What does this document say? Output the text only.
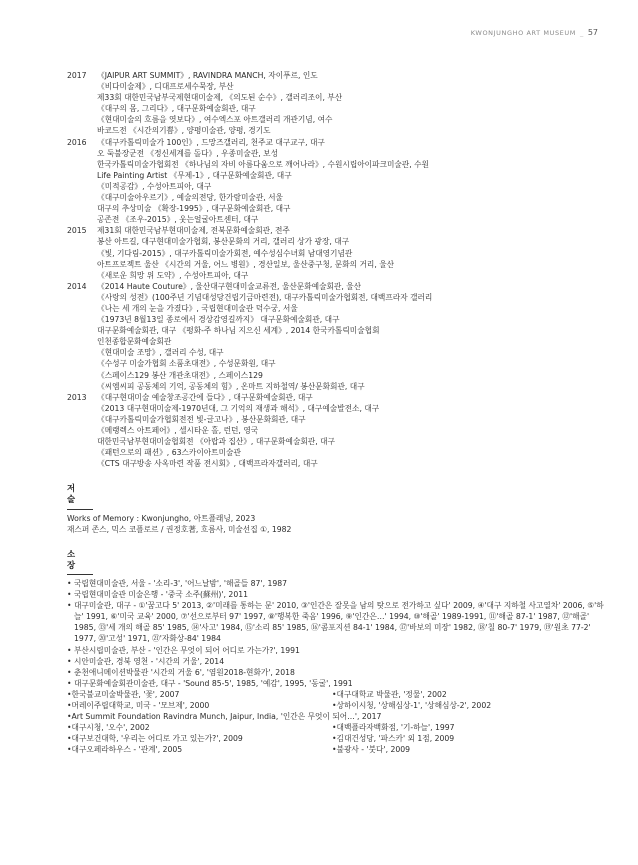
KWONJUNGHO ART MUSEUM _ 57
2017	《JAIPUR ART SUMMIT》, RAVINDRA MANCH, 자이푸르, 인도
《비다미술제》, 디대프로세수묵장, 부산
제33회 대한민국남부국제현대미술제, 《의도된 순수》, 갤러리조이, 부산
《대구의 몸, 그리다》, 대구문화예술회관, 대구
《현대미술의 흐름을 엿보다》, 여수엑스포 아트갤러리 개관기념, 여수
바코드전 《시간의기쁨》, 양평미술관, 양평, 경기도
2016	《대구카톨릭미술가 100인》, 드망즈갤러리, 천주교 대구교구, 대구
오 둑불장군전 《정신세계를 돌다》, 우종미술관, 보성
한국카톨릭미술가협회전 《하나님의 자비 아름다움으로 깨어나라》, 수원시립아이파크미술관, 수원
Life Painting Artist 《무제-1》, 대구문화예술회관, 대구
《미적공감》, 수성아트피아, 대구
《대구미술아우르기》, 예술의전당, 한가람미술관, 서울
대구의 추상미술 《확장-1995》, 대구문화예술회관, 대구
공존전 《조우-2015》, 웃는얼굴아트센터, 대구
2015	제31회 대한민국남부현대미술제, 전북문화예술회관, 전주
봉산 아트길, 대구현대미술가협회, 봉산문화의 거리, 갤러리 상가 광장, 대구
《빛, 기다림-2015》, 대구카톨릭미술가회전, 예수성심수녀회 남대영기념관
아트프로젝트 울산 《시간의 거울, 어느 병원》, 경산일보, 울산중구청, 문화의 거리, 울산
《새로운 희망 위 도약》, 수성아트피아, 대구
2014	《2014 Haute Couture》, 울산대구현대미술교류전, 울산문화예술회관, 울산
《사랑의 성전》(100주년 기념대성당건립기금마련전), 대구카톨릭미술가협회전, 대백프라자 갤러리
《나는 세 개의 눈을 가졌다》, 국립현대미술관 덕수궁, 서울
《1973년 8월13일 종로에서 경상감영길까지》 대구문화예술회관, 대구
대구문화예술회관, 대구 《평화-주 하나님 지으신 세계》, 2014 한국카톨릭미술협회
인천종합문화예술회관
《현대미술 조망》, 갤러리 수성, 대구
《수성구 미술가협회 소품초대전》, 수성문화원, 대구
《스페이스129 봉산 개관초대전》, 스페이스129
《씨엠씨피 공동체의 기억, 공동체의 힘》, 온마트 지하철역/ 봉산문화회관, 대구
2013	《대구현대미술 예술창조공간에 들다》, 대구문화예술회관, 대구
《2013 대구현대미술제-1970년대, 그 기억의 재생과 해석》, 대구예술발전소, 대구
《대구카톨릭미술가협회전전 빛-글고나》, 봉산문화회관, 대구
《메랭렉스 아트페어》, 셀시타운 홀, 런던, 영국
대한민국남부현대미술협회전 《아랍과 집산》, 대구문화예술회관, 대구
《패턴으로의 패션》, 63스카이아트미술관
《CTS 대구방송 사옥마련 작품 전시회》, 대백프라자갤러리, 대구
저 술
Works of Memory : Kwonjungho, 아트플래닝, 2023
재스퍼 존스, 믹스 코플로르 / 권정호著, 흐름사, 미술선집 ①, 1982
소 장
• 국립현대미술관, 서울 - '소리-3', '어느날밤', '해골들 87', 1987
• 국립현대미술관 미술은행 - '중국 소주(蘇州)', 2011
• 대구미술관, 대구 - ①'꿈고다 5' 2013, ②'미래를 통하는 문' 2010, ③'인간은 잘못을 남의 탓으로 전가하고 싶다' 2009, ④'대구 지하철 사고열차' 2006, ⑤'하늘' 1991, ⑥'미국 교육' 2000, ⑦'선으로부터 97' 1997, ⑧'행복한 죽음' 1996, ⑨'인간은…' 1994, ⑩'해골' 1989-1991, ⑪'해골 87-1' 1987, ⑫'해골' 1985, ⑬'세 개의 해골 85' 1985, ⑭'사고' 1984, ⑮'소리 85' 1985, ⑯'콤포지션 84-1' 1984, ⑰'바보의 미장' 1982, ⑱'칠 80-7' 1979, ⑲'원초 77-2' 1977, ⑳'고성' 1971, ㉑'자화상-84' 1984
• 부산시립미술관, 부산 - '인간은 무엇이 되어 어디로 가는가?', 1991
• 시안미술관, 경북 영천 - '시간의 거울', 2014
• 춘천애니메이션박물관 '시간의 거울 6', '염원2018-현화가', 2018
• 대구문화예술회관미술관, 대구 - 'Sound 85-5', 1985, '예감', 1995, '동굴', 1991
• 한국불교미술박물관, '꽃', 2007
• 머레이주립대학교, 미국 - '모브제', 2000
• Art Summit Foundation Ravindra Munch, Jaipur, India, '인간은 무엇이 되어…', 2017
• 대구시청, '오수', 2002
• 대구보건대학, '우리는 어디로 가고 있는가?', 2009
• 대구오페라하우스 - '관계', 2005
• 대구대학교 박물관, '정물', 2002
• 상하이시청, '상해심상-1', '상해심상-2', 2002

• 대백플라자백화점, '기-하늘', 1997
• 김대건성당, '파스카' 외 1점, 2009
• 불광사 - '붓다', 2009
